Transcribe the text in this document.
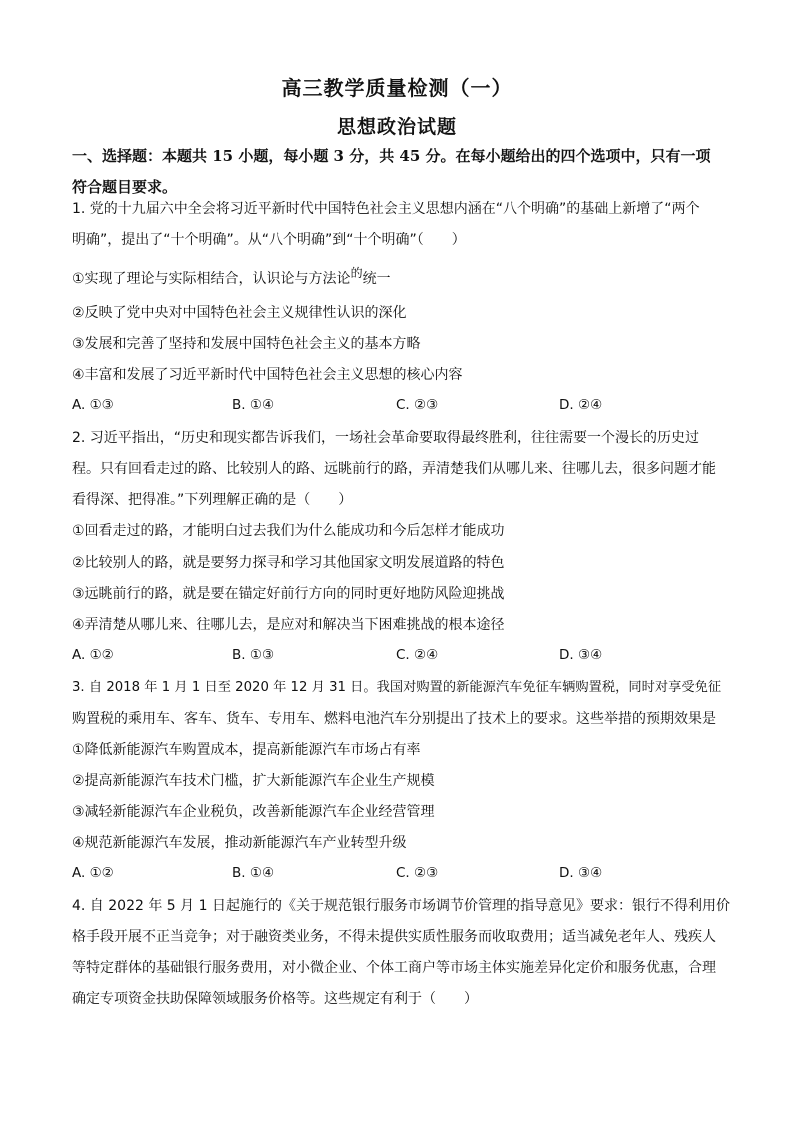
高三教学质量检测（一）
思想政治试题
一、选择题：本题共 15 小题，每小题 3 分，共 45 分。在每小题给出的四个选项中，只有一项符合题目要求。
1. 党的十九届六中全会将习近平新时代中国特色社会主义思想内涵在“八个明确”的基础上新增了“两个
明确”，提出了“十个明确”。从“八个明确”到“十个明确”（　　）
①实现了理论与实际相结合，认识论与方法论的统一
②反映了党中央对中国特色社会主义规律性认识的深化
③发展和完善了坚持和发展中国特色社会主义的基本方略
④丰富和发展了习近平新时代中国特色社会主义思想的核心内容
A. ①③	B. ①④	C. ②③	D. ②④
2. 习近平指出，“历史和现实都告诉我们，一场社会革命要取得最终胜利，往往需要一个漫长的历史过
程。只有回看走过的路、比较别人的路、远眺前行的路，弄清楚我们从哪儿来、往哪儿去，很多问题才能
看得深、把得准。”下列理解正确的是（　　）
①回看走过的路，才能明白过去我们为什么能成功和今后怎样才能成功
②比较别人的路，就是要努力探寻和学习其他国家文明发展道路的特色
③远眺前行的路，就是要在锚定好前行方向的同时更好地防风险迎挑战
④弄清楚从哪儿来、往哪儿去，是应对和解决当下困难挑战的根本途径
A. ①②	B. ①③	C. ②④	D. ③④
3. 自 2018 年 1 月 1 日至 2020 年 12 月 31 日。我国对购置的新能源汽车免征车辆购置税，同时对享受免征
购置税的乘用车、客车、货车、专用车、燃料电池汽车分别提出了技术上的要求。这些举措的预期效果是
①降低新能源汽车购置成本，提高新能源汽车市场占有率
②提高新能源汽车技术门槛，扩大新能源汽车企业生产规模
③减轻新能源汽车企业税负，改善新能源汽车企业经营管理
④规范新能源汽车发展，推动新能源汽车产业转型升级
A. ①②	B. ①④	C. ②③	D. ③④
4. 自 2022 年 5 月 1 日起施行的《关于规范银行服务市场调节价管理的指导意见》要求：银行不得利用价
格手段开展不正当竞争；对于融资类业务，不得未提供实质性服务而收取费用；适当减免老年人、残疾人
等特定群体的基础银行服务费用，对小微企业、个体工商户等市场主体实施差异化定价和服务优惠，合理
确定专项资金扶助保障领域服务价格等。这些规定有利于（　　）
